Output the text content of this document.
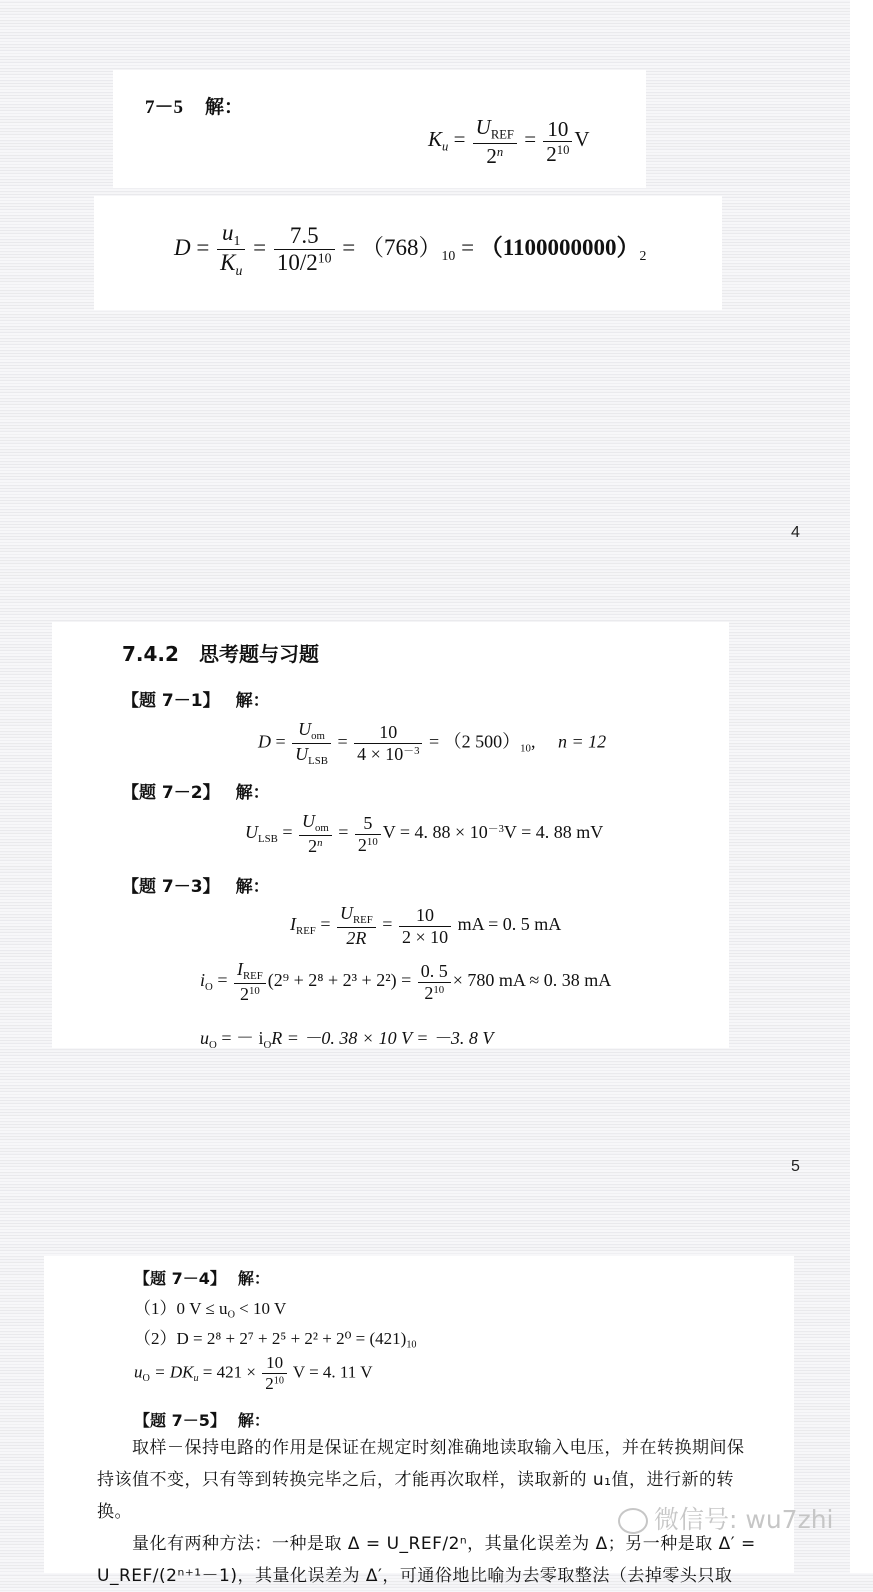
7－5 解：
$K_u = \frac{U_{REF}}{2^n} = \frac{10}{2^{10}}$ V
$D = \frac{u_1}{K_u} = \frac{7.5}{10/2^{10}} = (768)_{10} = (1100000000)_2$
4
7.4.2　思考题与习题
【题 7－1】 解：
$D = \frac{U_{om}}{U_{LSB}} = \frac{10}{4 \times 10^{-3}} = (2$ $500)_{10}$, n = 12
【题 7－2】 解：
$U_{LSB} = \frac{U_{om}}{2^n} = \frac{5}{2^{10}}$ V = 4. $88 \times 10^{-3}V = 4$. 88 mV
【题 7－3】 解：
$I_{REF} = \frac{U_{REF}}{2R} = \frac{10}{2 \times 10}$ mA = 0. 5 mA
$i_O = \frac{I_{REF}}{2^{10}} (2^9 + 2^8 + 2^3 + 2^2) = \frac{0. 5}{2^{10}} \times 780$ mA ≈ 0. 38 mA
$u_O$ = － $i_OR = -0$. 38 × 10 V = －3. 8 V
5
【题 7－4】 解：
（1）0 $V \le u_O < 10$ V
$(2)D = 2^8 + 2^7 + 2^5 + 2^2 + 2^0 = (421)_{10}$
$u_O = DK_u = 421 \times \frac{10}{2^{10}}$ V = 4. 11 V
【题 7－5】 解：
　　取样－保持电路的作用是保证在规定时刻准确地读取输入电压，并在转换期间保持该值不变，只有等到转换完毕之后，才能再次取样，读取新的 u₁值，进行新的转换。
　　量化有两种方法：一种是取 Δ = U_REF/2ⁿ，其量化误差为 Δ；另一种是取 Δ′ = U_REF/(2ⁿ⁺¹－1)，其量化误差为 Δ′，可通俗地比喻为去零取整法（去掉零头只取
微信号: wu7zhi
